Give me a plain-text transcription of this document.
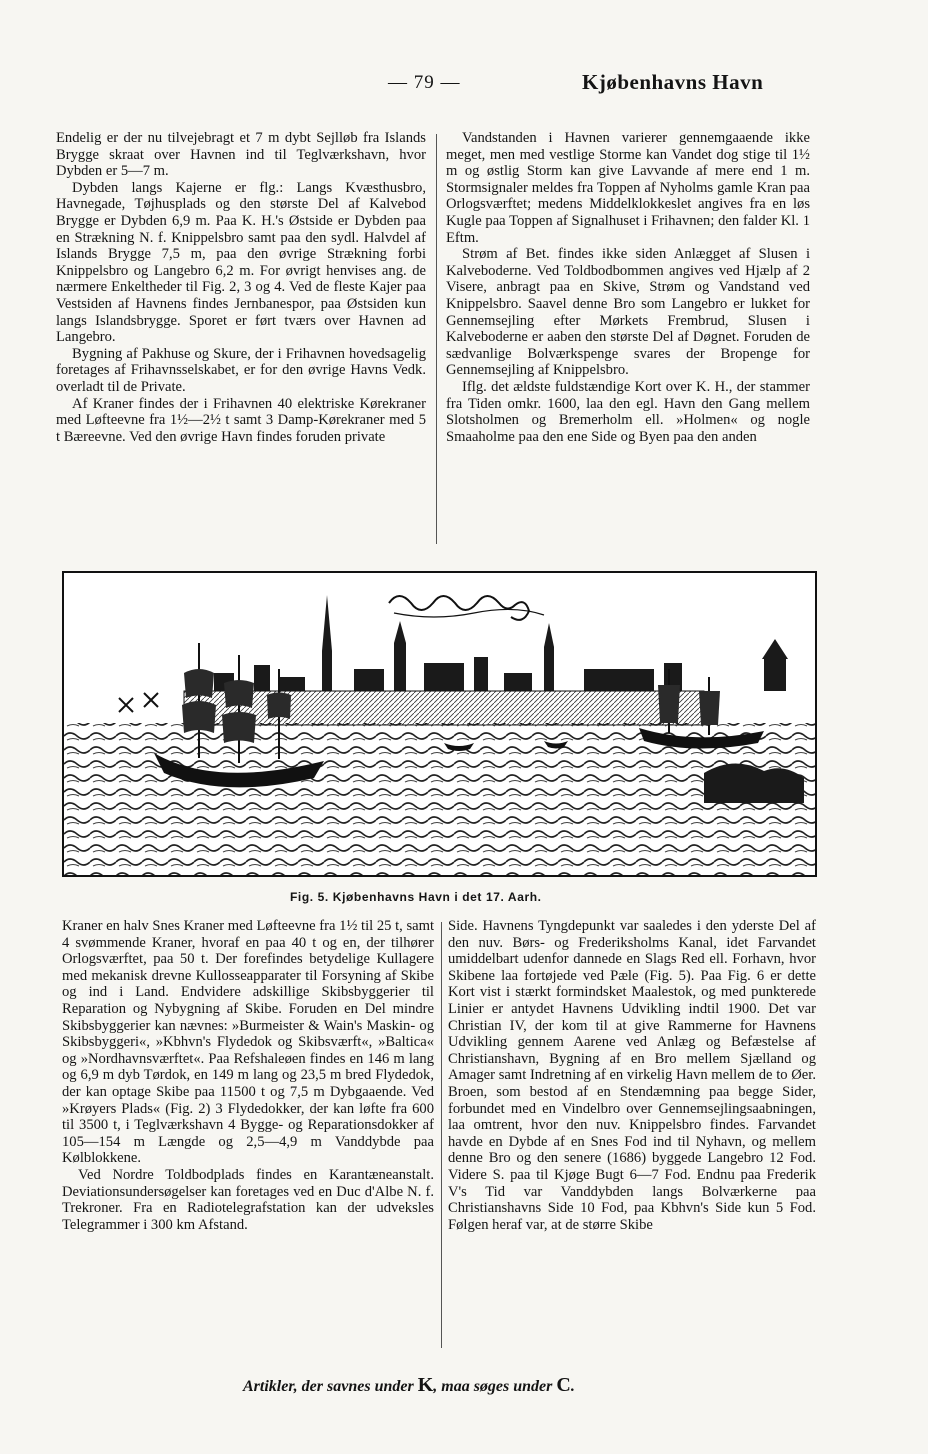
— 79 —	Kjøbenhavns Havn

Endelig er der nu tilvejebragt et 7 m dybt Sejlløb fra Islands Brygge skraat over Havnen ind til Teglværkshavn, hvor Dybden er 5—7 m.

Dybden langs Kajerne er flg.: Langs Kvæsthusbro, Havnegade, Tøjhusplads og den største Del af Kalvebod Brygge er Dybden 6,9 m. Paa K. H.'s Østside er Dybden paa en Strækning N. f. Knippelsbro samt paa den sydl. Halvdel af Islands Brygge 7,5 m, paa den øvrige Strækning forbi Knippelsbro og Langebro 6,2 m. For øvrigt henvises ang. de nærmere Enkeltheder til Fig. 2, 3 og 4. Ved de fleste Kajer paa Vestsiden af Havnens findes Jernbanespor, paa Østsiden kun langs Islandsbrygge. Sporet er ført tværs over Havnen ad Langebro.

Bygning af Pakhuse og Skure, der i Frihavnen hovedsagelig foretages af Frihavnsselskabet, er for den øvrige Havns Vedk. overladt til de Private.

Af Kraner findes der i Frihavnen 40 elektriske Kørekraner med Løfteevne fra 1½—2½ t samt 3 Damp-Kørekraner med 5 t Bæreevne. Ved den øvrige Havn findes foruden private

Vandstanden i Havnen varierer gennemgaaende ikke meget, men med vestlige Storme kan Vandet dog stige til 1½ m og østlig Storm kan give Lavvande af mere end 1 m. Stormsignaler meldes fra Toppen af Nyholms gamle Kran paa Orlogsværftet; medens Middelklokkeslet angives fra en løs Kugle paa Toppen af Signalhuset i Frihavnen; den falder Kl. 1 Eftm.

Strøm af Bet. findes ikke siden Anlægget af Slusen i Kalveboderne. Ved Toldbodbommen angives ved Hjælp af 2 Visere, anbragt paa en Skive, Strøm og Vandstand ved Knippelsbro. Saavel denne Bro som Langebro er lukket for Gennemsejling efter Mørkets Frembrud, Slusen i Kalveboderne er aaben den største Del af Døgnet. Foruden de sædvanlige Bolværkspenge svares der Bropenge for Gennemsejling af Knippelsbro.

Iflg. det ældste fuldstændige Kort over K. H., der stammer fra Tiden omkr. 1600, laa den egl. Havn den Gang mellem Slotsholmen og Bremerholm ell. »Holmen« og nogle Smaaholme paa den ene Side og Byen paa den anden

Fig. 5. Kjøbenhavns Havn i det 17. Aarh.

Kraner en halv Snes Kraner med Løfteevne fra 1½ til 25 t, samt 4 svømmende Kraner, hvoraf en paa 40 t og en, der tilhører Orlogsværftet, paa 50 t. Der forefindes betydelige Kullagere med mekanisk drevne Kullosseapparater til Forsyning af Skibe og ind i Land. Endvidere adskillige Skibsbyggerier til Reparation og Nybygning af Skibe. Foruden en Del mindre Skibsbyggerier kan nævnes: »Burmeister & Wain's Maskin- og Skibsbyggeri«, »Kbhvn's Flydedok og Skibsværft«, »Baltica« og »Nordhavnsværftet«. Paa Refshaleøen findes en 146 m lang og 6,9 m dyb Tørdok, en 149 m lang og 23,5 m bred Flydedok, der kan optage Skibe paa 11500 t og 7,5 m Dybgaaende. Ved »Krøyers Plads« (Fig. 2) 3 Flydedokker, der kan løfte fra 600 til 3500 t, i Teglværkshavn 4 Bygge- og Reparationsdokker af 105—154 m Længde og 2,5—4,9 m Vanddybde paa Kølblokkene.

Ved Nordre Toldbodplads findes en Karantæneanstalt. Deviationsundersøgelser kan foretages ved en Duc d'Albe N. f. Trekroner. Fra en Radiotelegrafstation kan der udveksles Telegrammer i 300 km Afstand.

Side. Havnens Tyngdepunkt var saaledes i den yderste Del af den nuv. Børs- og Frederiksholms Kanal, idet Farvandet umiddelbart udenfor dannede en Slags Red ell. Forhavn, hvor Skibene laa fortøjede ved Pæle (Fig. 5). Paa Fig. 6 er dette Kort vist i stærkt formindsket Maalestok, og med punkterede Linier er antydet Havnens Udvikling indtil 1900. Det var Christian IV, der kom til at give Rammerne for Havnens Udvikling gennem Aarene ved Anlæg og Befæstelse af Christianshavn, Bygning af en Bro mellem Sjælland og Amager samt Indretning af en virkelig Havn mellem de to Øer. Broen, som bestod af en Stendæmning paa begge Sider, forbundet med en Vindelbro over Gennemsejlingsaabningen, laa omtrent, hvor den nuv. Knippelsbro findes. Farvandet havde en Dybde af en Snes Fod ind til Nyhavn, og mellem denne Bro og den senere (1686) byggede Langebro 12 Fod. Videre S. paa til Kjøge Bugt 6—7 Fod. Endnu paa Frederik V's Tid var Vanddybden langs Bolværkerne paa Christianshavns Side 10 Fod, paa Kbhvn's Side kun 5 Fod. Følgen heraf var, at de større Skibe

Artikler, der savnes under K, maa søges under C.
